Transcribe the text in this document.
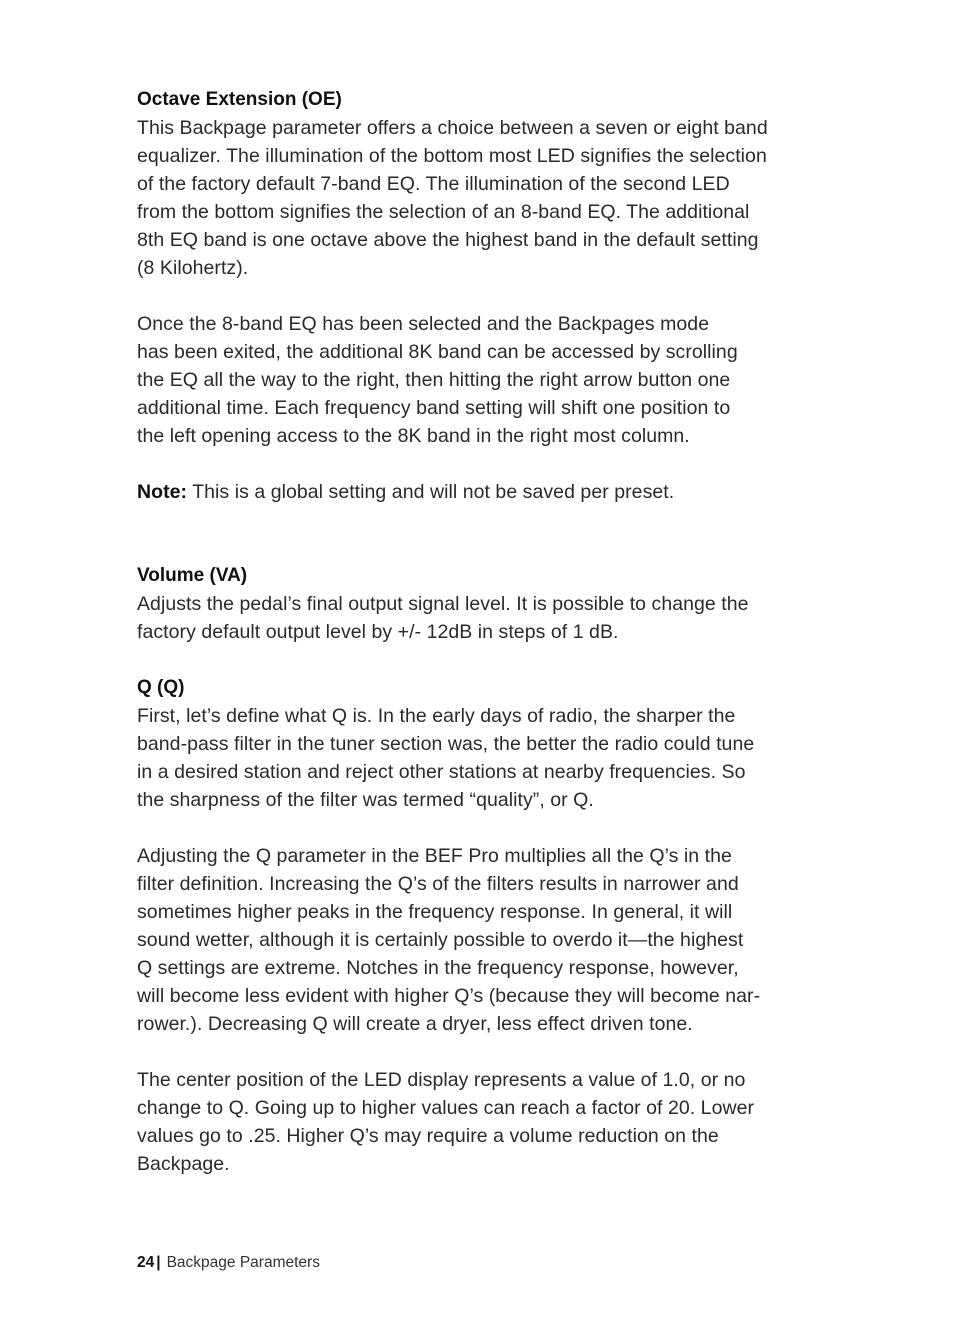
Octave Extension (OE)

This Backpage parameter offers a choice between a seven or eight band
equalizer. The illumination of the bottom most LED signifies the selection
of the factory default 7-band EQ. The illumination of the second LED
from the bottom signifies the selection of an 8-band EQ. The additional
8th EQ band is one octave above the highest band in the default setting
(8 Kilohertz).

Once the 8-band EQ has been selected and the Backpages mode
has been exited, the additional 8K band can be accessed by scrolling
the EQ all the way to the right, then hitting the right arrow button one
additional time. Each frequency band setting will shift one position to
the left opening access to the 8K band in the right most column.

Note: This is a global setting and will not be saved per preset.

Volume (VA)

Adjusts the pedal’s final output signal level. It is possible to change the
factory default output level by +/- 12dB in steps of 1 dB.

Q (Q)

First, let’s define what Q is. In the early days of radio, the sharper the
band-pass filter in the tuner section was, the better the radio could tune
in a desired station and reject other stations at nearby frequencies. So
the sharpness of the filter was termed “quality”, or Q.

Adjusting the Q parameter in the BEF Pro multiplies all the Q’s in the
filter definition. Increasing the Q’s of the filters results in narrower and
sometimes higher peaks in the frequency response. In general, it will
sound wetter, although it is certainly possible to overdo it—the highest
Q settings are extreme. Notches in the frequency response, however,
will become less evident with higher Q’s (because they will become nar-
rower.). Decreasing Q will create a dryer, less effect driven tone.

The center position of the LED display represents a value of 1.0, or no
change to Q. Going up to higher values can reach a factor of 20. Lower
values go to .25. Higher Q’s may require a volume reduction on the
Backpage.

24 | Backpage Parameters
